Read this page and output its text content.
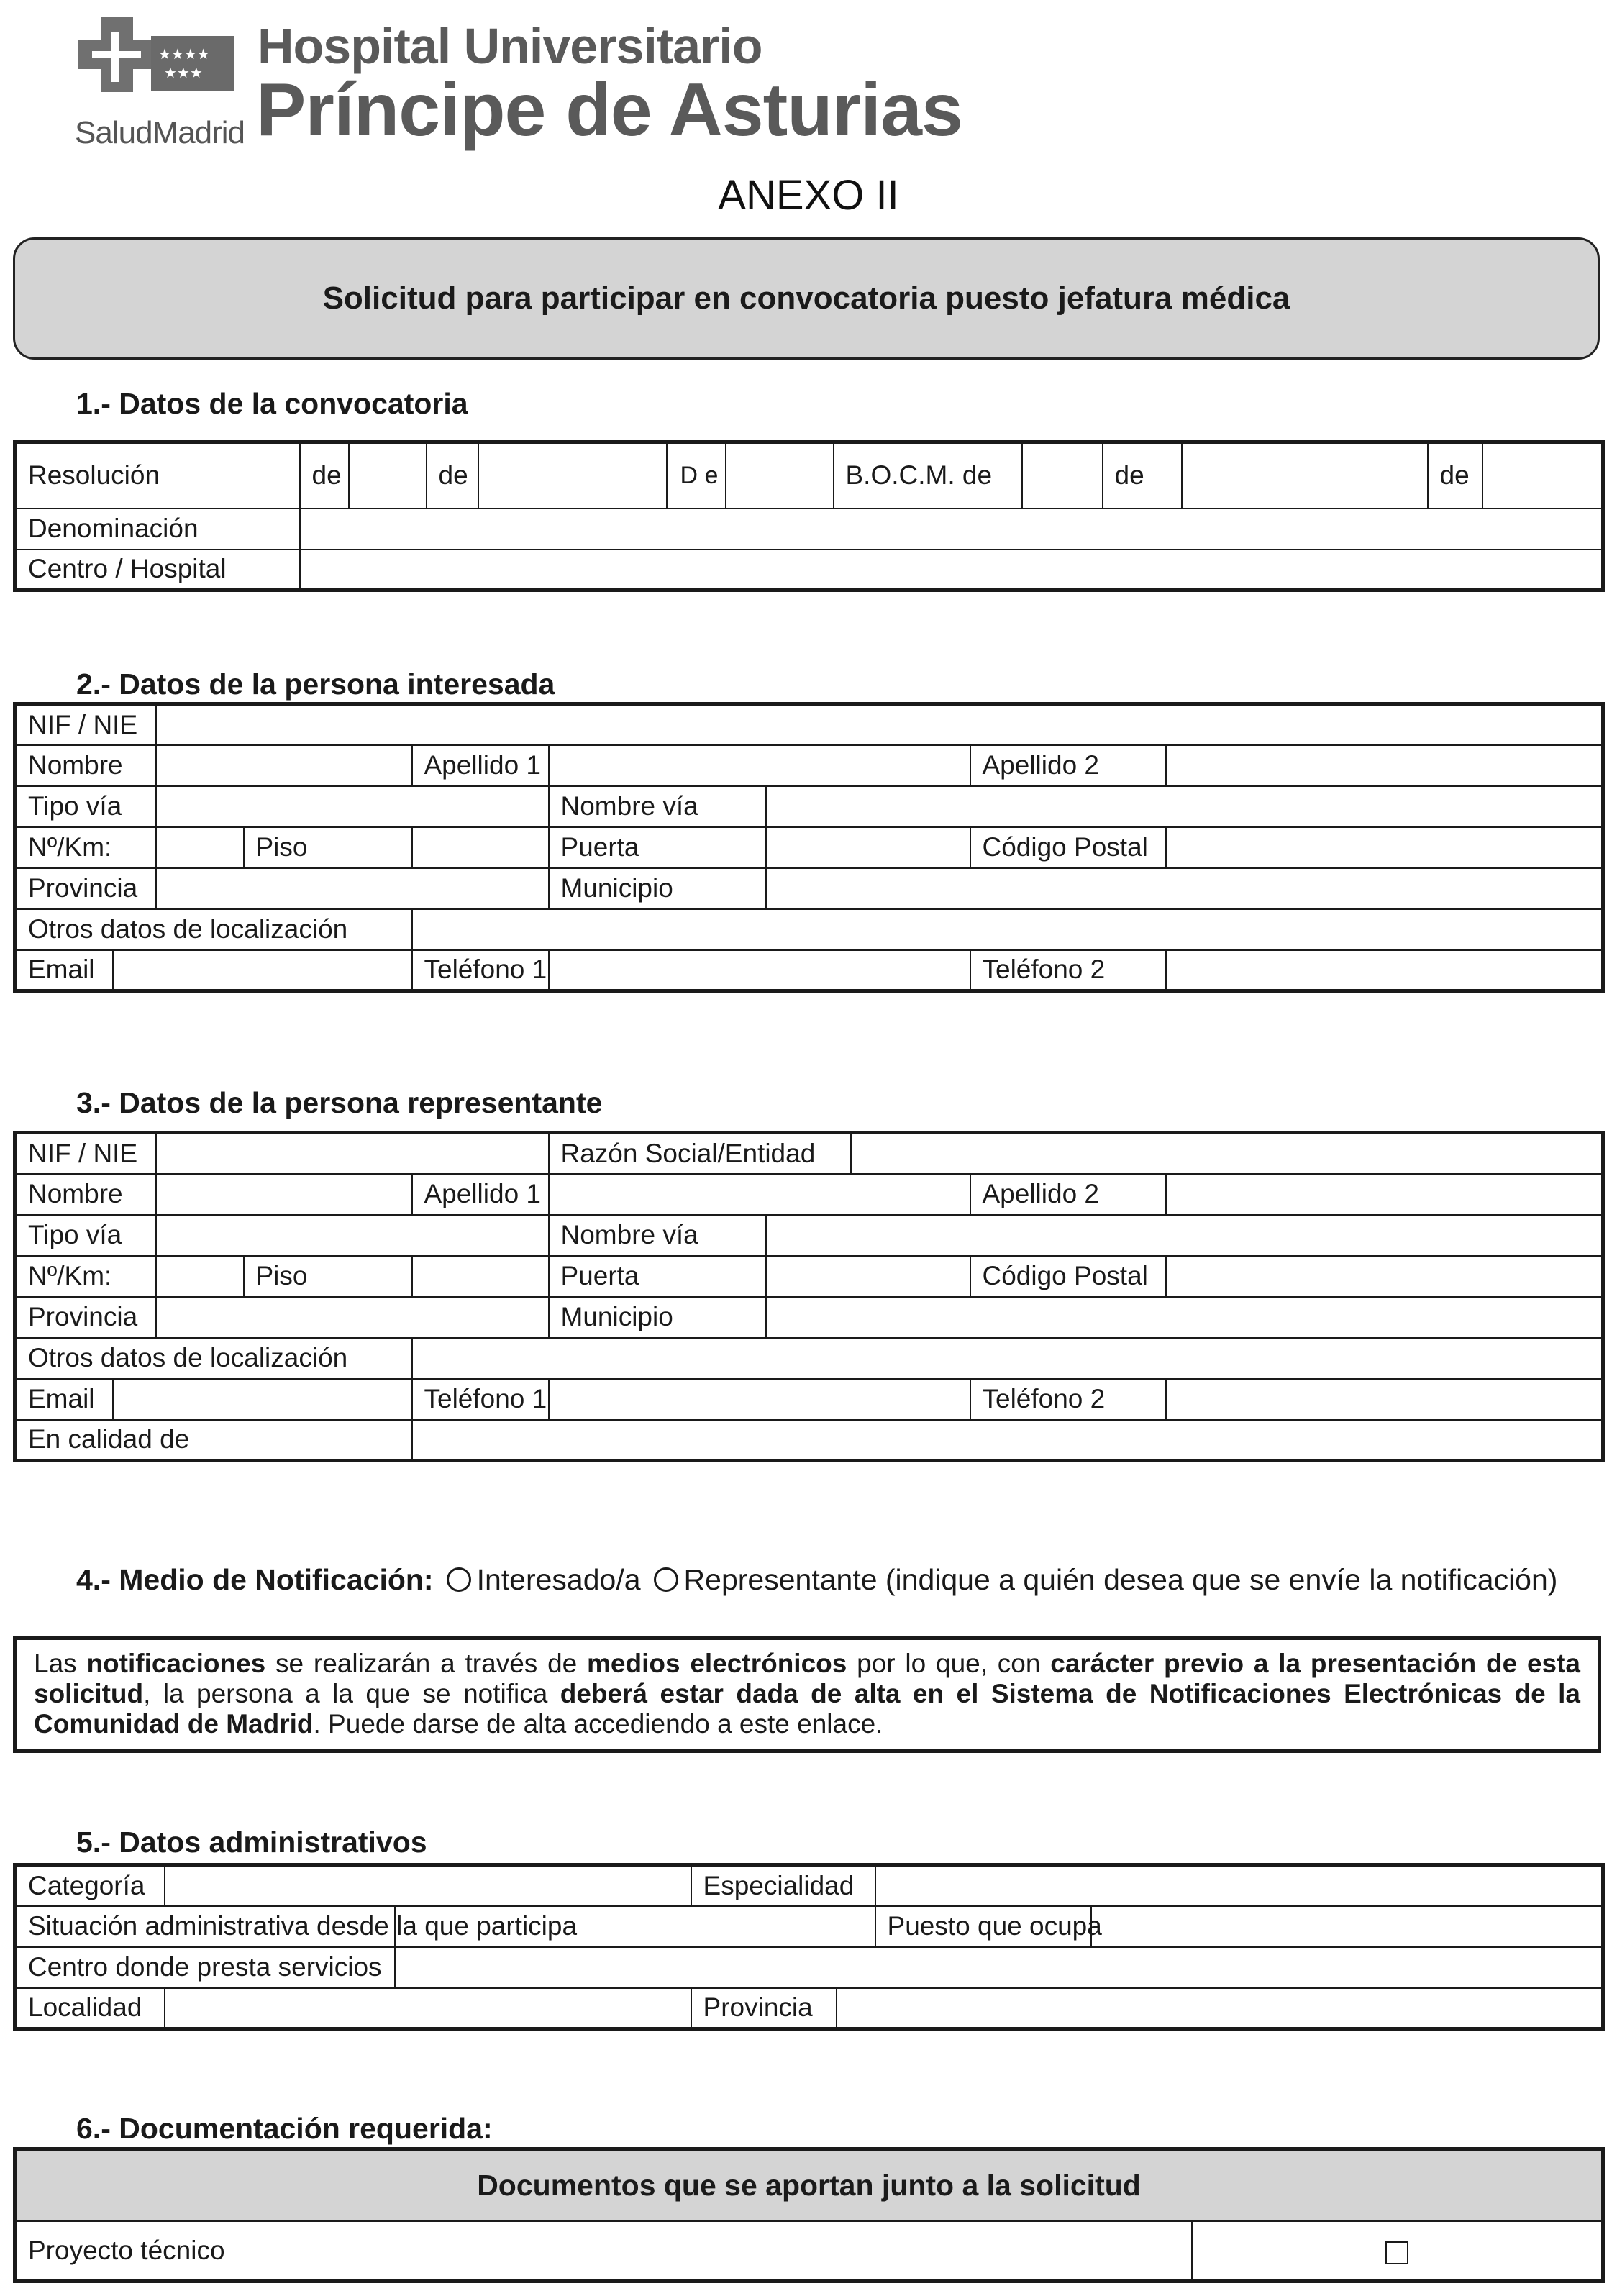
★★★★
★★★
SaludMadrid
Hospital Universitario
Príncipe de Asturias
ANEXO II
Solicitud para participar en convocatoria puesto jefatura médica
1.- Datos de la convocatoria
Resolución	de		de		D e		B.O.C.M. de		de		de	
Denominación												
Centro / Hospital												
2.- Datos de la persona interesada
NIF / NIE								
Nombre				Apellido 1			Apellido 2	
Tipo vía					Nombre vía			
Nº/Km:			Piso		Puerta		Código Postal	
Provincia					Municipio			
Otros datos de localización								
Email				Teléfono 1			Teléfono 2	
3.- Datos de la persona representante
NIF / NIE					Razón Social/Entidad				
Nombre				Apellido 1				Apellido 2	
Tipo vía					Nombre vía				
Nº/Km:			Piso		Puerta			Código Postal	
Provincia					Municipio				
Otros datos de localización									
Email				Teléfono 1				Teléfono 2	
En calidad de									
4.- Medio de Notificación: Interesado/a Representante (indique a quién desea que se envíe la notificación)
Las notificaciones se realizarán a través de medios electrónicos por lo que, con carácter previo a la presentación de esta solicitud, la persona a la que se notifica deberá estar dada de alta en el Sistema de Notificaciones Electrónicas de la Comunidad de Madrid. Puede darse de alta accediendo a este enlace.
5.- Datos administrativos
Categoría			Especialidad			
Situación administrativa desde la que participa					Puesto que ocupa	
Centro donde presta servicios						
Localidad			Provincia			
6.- Documentación requerida:
Documentos que se aportan junto a la solicitud
Proyecto técnico	
